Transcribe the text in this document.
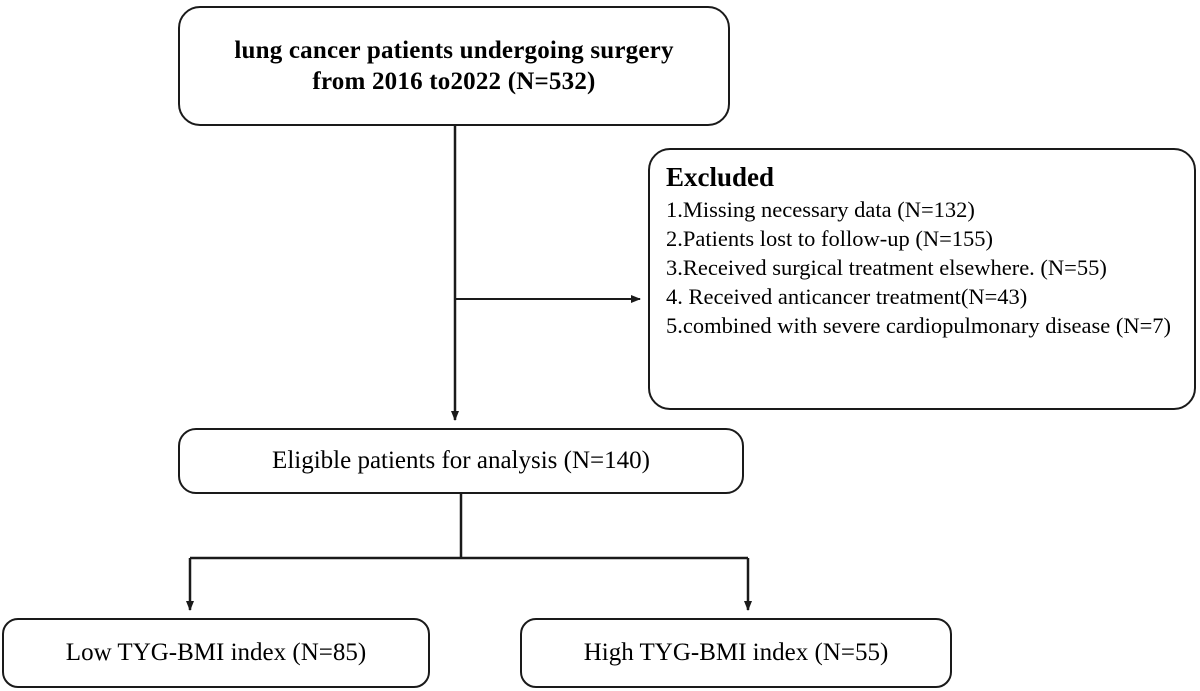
lung cancer patients undergoing surgery
from 2016 to2022 (N=532)
Excluded
1.Missing necessary data (N=132)
2.Patients lost to follow-up (N=155)
3.Received surgical treatment elsewhere. (N=55)
4. Received anticancer treatment(N=43)
5.combined with severe cardiopulmonary disease (N=7)
Eligible patients for analysis (N=140)
Low TYG-BMI index (N=85)	High TYG-BMI index (N=55)
